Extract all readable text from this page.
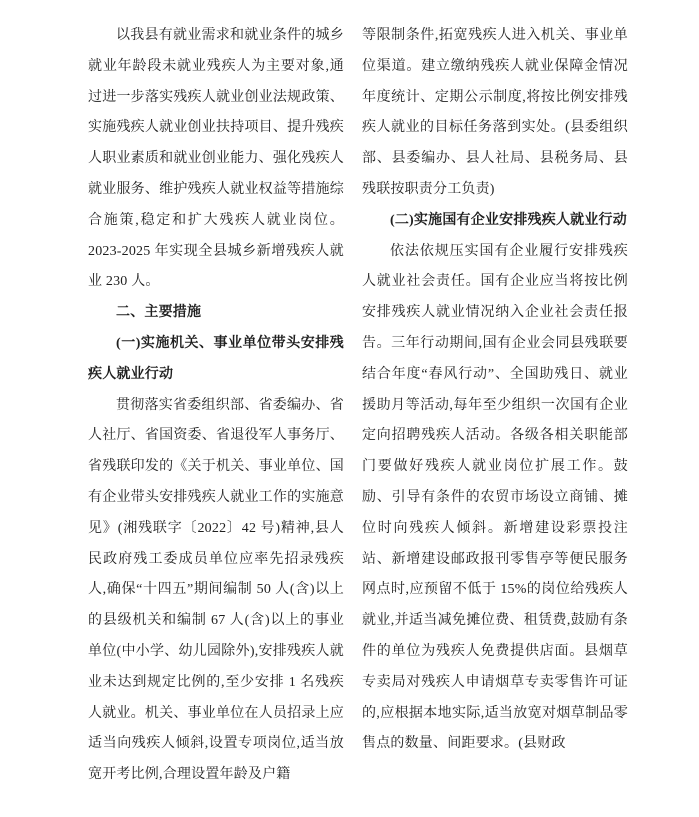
以我县有就业需求和就业条件的城乡就业年龄段未就业残疾人为主要对象,通过进一步落实残疾人就业创业法规政策、实施残疾人就业创业扶持项目、提升残疾人职业素质和就业创业能力、强化残疾人就业服务、维护残疾人就业权益等措施综合施策,稳定和扩大残疾人就业岗位。2023-2025 年实现全县城乡新增残疾人就业 230 人。

二、主要措施

(一)实施机关、事业单位带头安排残疾人就业行动

贯彻落实省委组织部、省委编办、省人社厅、省国资委、省退役军人事务厅、省残联印发的《关于机关、事业单位、国有企业带头安排残疾人就业工作的实施意见》(湘残联字〔2022〕42 号)精神,县人民政府残工委成员单位应率先招录残疾人,确保“十四五”期间编制 50 人(含)以上的县级机关和编制 67 人(含)以上的事业单位(中小学、幼儿园除外),安排残疾人就业未达到规定比例的,至少安排 1 名残疾人就业。机关、事业单位在人员招录上应适当向残疾人倾斜,设置专项岗位,适当放宽开考比例,合理设置年龄及户籍

等限制条件,拓宽残疾人进入机关、事业单位渠道。建立缴纳残疾人就业保障金情况年度统计、定期公示制度,将按比例安排残疾人就业的目标任务落到实处。(县委组织部、县委编办、县人社局、县税务局、县残联按职责分工负责)

(二)实施国有企业安排残疾人就业行动

依法依规压实国有企业履行安排残疾人就业社会责任。国有企业应当将按比例安排残疾人就业情况纳入企业社会责任报告。三年行动期间,国有企业会同县残联要结合年度“春风行动”、全国助残日、就业援助月等活动,每年至少组织一次国有企业定向招聘残疾人活动。各级各相关职能部门要做好残疾人就业岗位扩展工作。鼓励、引导有条件的农贸市场设立商铺、摊位时向残疾人倾斜。新增建设彩票投注站、新增建设邮政报刊零售亭等便民服务网点时,应预留不低于 15%的岗位给残疾人就业,并适当减免摊位费、租赁费,鼓励有条件的单位为残疾人免费提供店面。县烟草专卖局对残疾人申请烟草专卖零售许可证的,应根据本地实际,适当放宽对烟草制品零售点的数量、间距要求。(县财政
